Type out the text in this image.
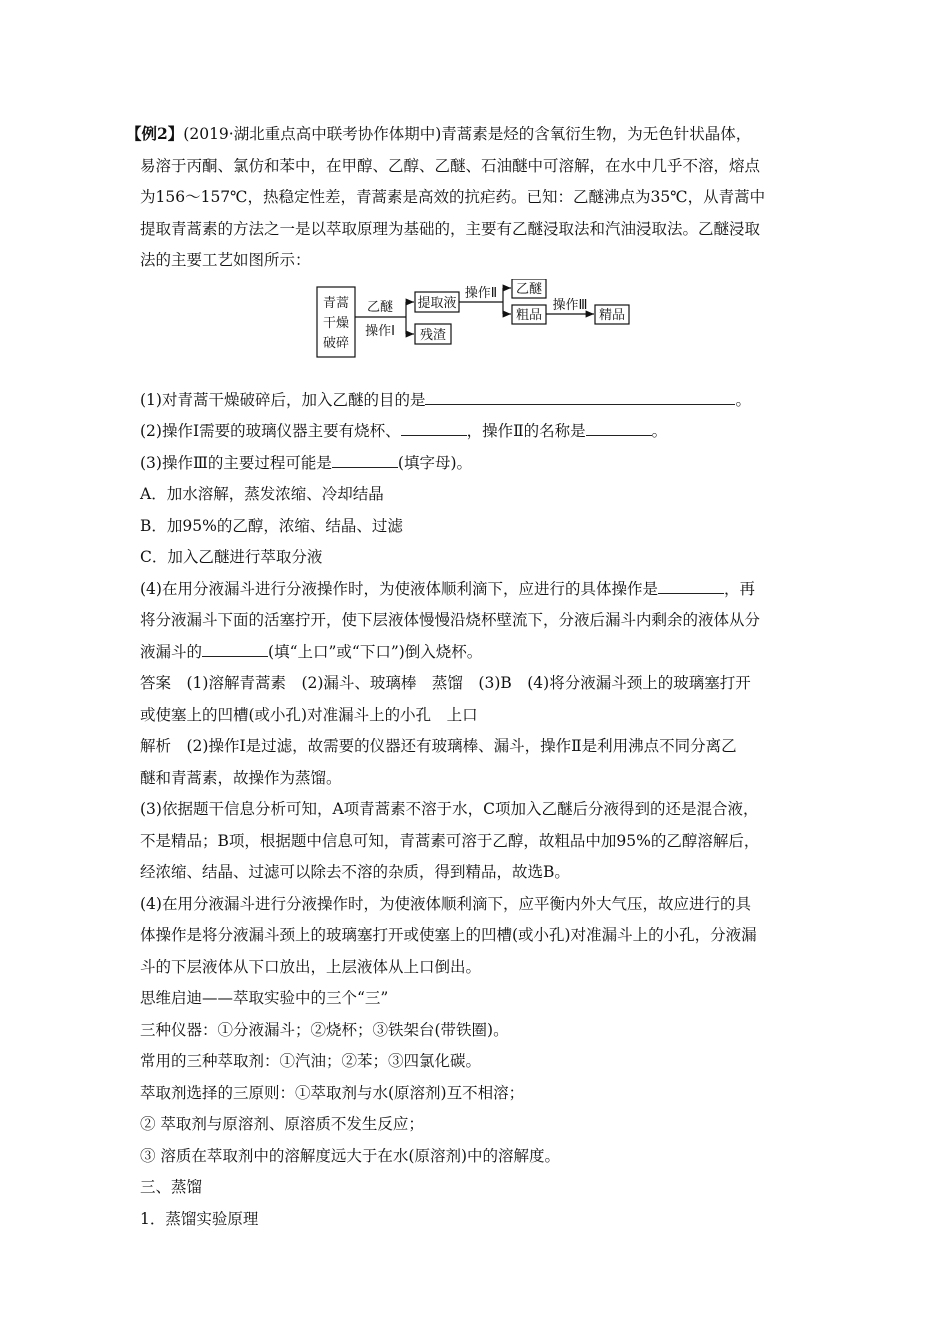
【例2】(2019·湖北重点高中联考协作体期中)青蒿素是烃的含氧衍生物，为无色针状晶体，

易溶于丙酮、氯仿和苯中，在甲醇、乙醇、乙醚、石油醚中可溶解，在水中几乎不溶，熔点

为156～157℃，热稳定性差，青蒿素是高效的抗疟药。已知：乙醚沸点为35℃，从青蒿中

提取青蒿素的方法之一是以萃取原理为基础的，主要有乙醚浸取法和汽油浸取法。乙醚浸取

法的主要工艺如图所示：

青蒿
干燥
破碎
乙醚
操作Ⅰ
提取液
残渣
操作Ⅱ 乙醚
粗品
操作Ⅲ
精品

(1)对青蒿干燥破碎后，加入乙醚的目的是	。

(2)操作Ⅰ需要的玻璃仪器主要有烧杯、	，操作Ⅱ的名称是	。

(3)操作Ⅲ的主要过程可能是	(填字母)。

A．加水溶解，蒸发浓缩、冷却结晶

B．加95%的乙醇，浓缩、结晶、过滤

C．加入乙醚进行萃取分液

(4)在用分液漏斗进行分液操作时，为使液体顺利滴下，应进行的具体操作是	，再

将分液漏斗下面的活塞拧开，使下层液体慢慢沿烧杯壁流下，分液后漏斗内剩余的液体从分

液漏斗的	(填“上口”或“下口”)倒入烧杯。

答案　(1)溶解青蒿素　(2)漏斗、玻璃棒　蒸馏　(3)B　(4)将分液漏斗颈上的玻璃塞打开

或使塞上的凹槽(或小孔)对准漏斗上的小孔　上口

解析　(2)操作Ⅰ是过滤，故需要的仪器还有玻璃棒、漏斗，操作Ⅱ是利用沸点不同分离乙

醚和青蒿素，故操作为蒸馏。

(3)依据题干信息分析可知，A项青蒿素不溶于水，C项加入乙醚后分液得到的还是混合液，

不是精品；B项，根据题中信息可知，青蒿素可溶于乙醇，故粗品中加95%的乙醇溶解后，

经浓缩、结晶、过滤可以除去不溶的杂质，得到精品，故选B。

(4)在用分液漏斗进行分液操作时，为使液体顺利滴下，应平衡内外大气压，故应进行的具

体操作是将分液漏斗颈上的玻璃塞打开或使塞上的凹槽(或小孔)对准漏斗上的小孔，分液漏

斗的下层液体从下口放出，上层液体从上口倒出。

思维启迪——萃取实验中的三个“三”

三种仪器：①分液漏斗；②烧杯；③铁架台(带铁圈)。

常用的三种萃取剂：①汽油；②苯；③四氯化碳。

萃取剂选择的三原则：①萃取剂与水(原溶剂)互不相溶；

② 萃取剂与原溶剂、原溶质不发生反应；

③ 溶质在萃取剂中的溶解度远大于在水(原溶剂)中的溶解度。

三、蒸馏

1．蒸馏实验原理
